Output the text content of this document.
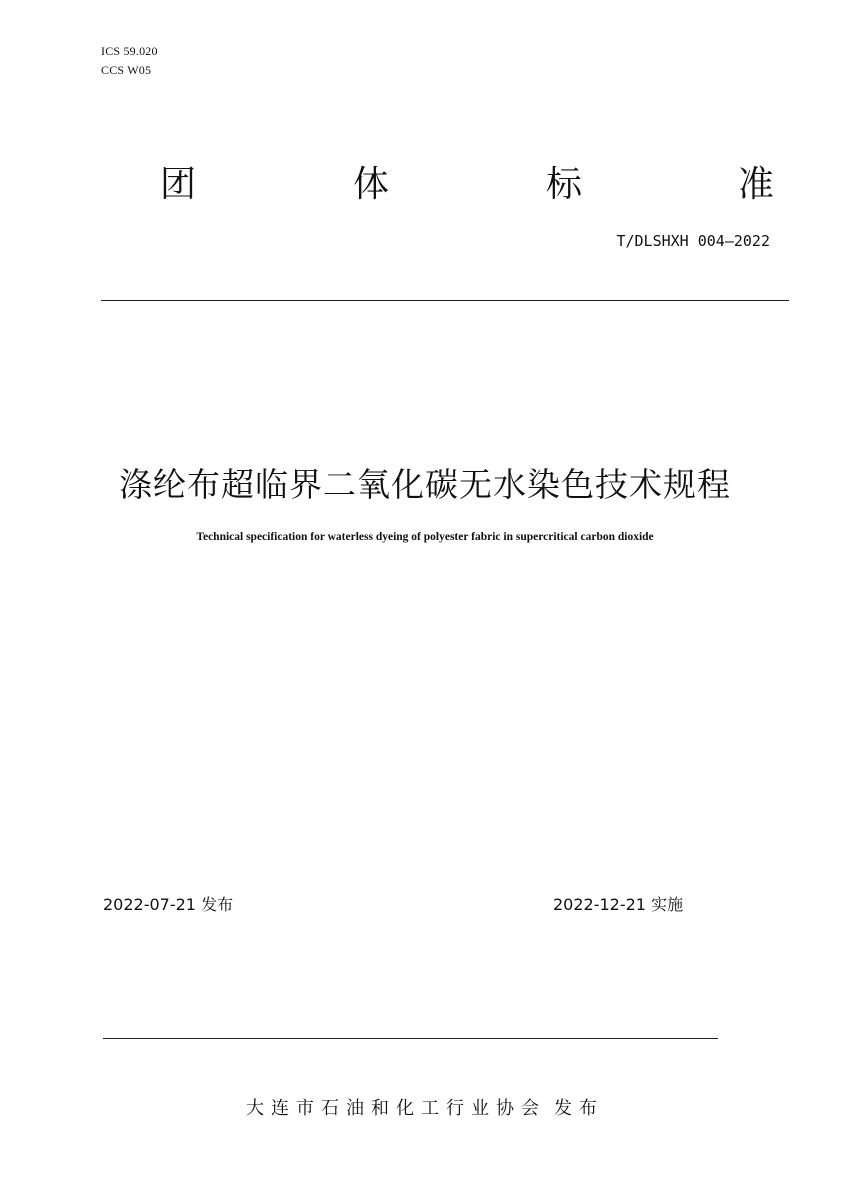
ICS 59.020
CCS W05
团	体	标	准
T/DLSHXH 004—2022
涤纶布超临界二氧化碳无水染色技术规程
Technical specification for waterless dyeing of polyester fabric in supercritical carbon dioxide
2022-07-21 发布	2022-12-21 实施
大连市石油和化工行业协会 发布
